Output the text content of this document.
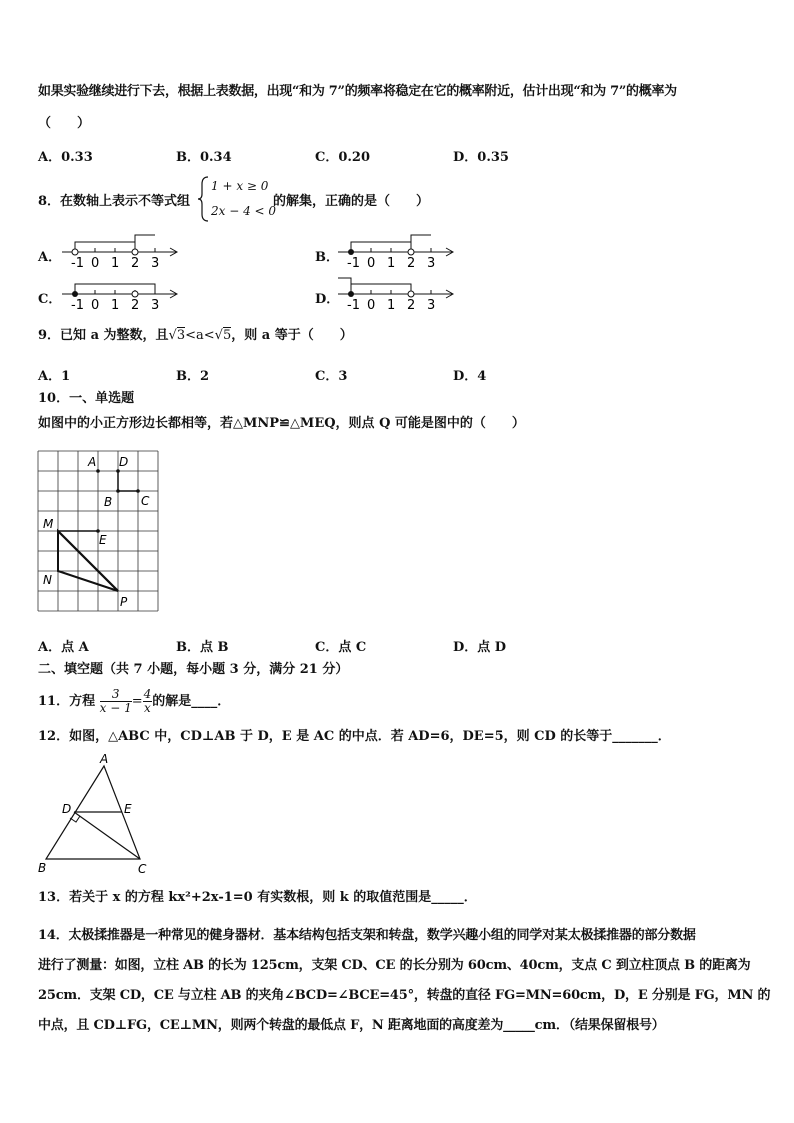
如果实验继续进行下去，根据上表数据，出现“和为 7”的频率将稳定在它的概率附近，估计出现“和为 7”的概率为
（　　）
A．0.33	B．0.34	C．0.20	D．0.35
8．在数轴上表示不等式组
1 + x ≥ 0
2x − 4 < 0
的解集，正确的是（　　）
A．	B．
C．	D．
-1 0 1 2 3	-1 0 1 2 3
-1 0 1 2 3	-1 0 1 2 3
9．已知 a 为整数，且√3<a<√5，则 a 等于（　　）
A．1	B．2	C．3	D．4
10．一、单选题
如图中的小正方形边长都相等，若△MNP≌△MEQ，则点 Q 可能是图中的（　　）
A D
B C
M
E
N
P
A．点 A	B．点 B	C．点 C	D．点 D
二、填空题（共 7 小题，每小题 3 分，满分 21 分）
11．方程 $\frac{3}{x - 1} = \frac{4}{x}$ 的解是____．
12．如图，△ABC 中，CD⊥AB 于 D，E 是 AC 的中点．若 AD=6，DE=5，则 CD 的长等于_______．
A
D	E
B	C
13．若关于 x 的方程 kx²+2x-1=0 有实数根，则 k 的取值范围是_____．
14．太极揉推器是一种常见的健身器材．基本结构包括支架和转盘，数学兴趣小组的同学对某太极揉推器的部分数据
进行了测量：如图，立柱 AB 的长为 125cm，支架 CD、CE 的长分别为 60cm、40cm，支点 C 到立柱顶点 B 的距离为
25cm．支架 CD，CE 与立柱 AB 的夹角∠BCD=∠BCE=45°，转盘的直径 FG=MN=60cm，D，E 分别是 FG，MN 的
中点，且 CD⊥FG，CE⊥MN，则两个转盘的最低点 F，N 距离地面的高度差为_____cm．（结果保留根号）
